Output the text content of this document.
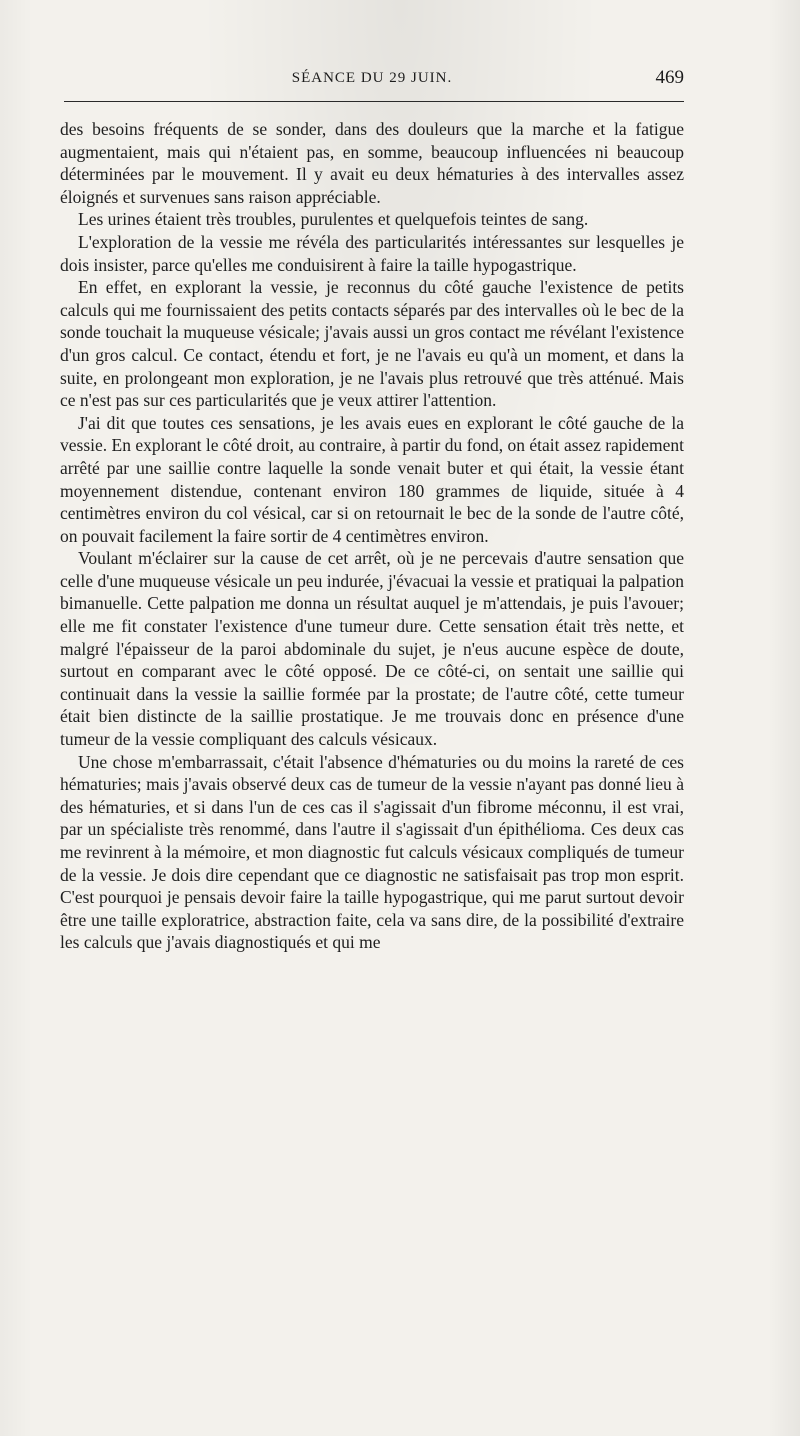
SÉANCE DU 29 JUIN.	469

des besoins fréquents de se sonder, dans des douleurs que la marche et la fatigue augmentaient, mais qui n'étaient pas, en somme, beaucoup influencées ni beaucoup déterminées par le mouvement. Il y avait eu deux hématuries à des intervalles assez éloignés et survenues sans raison appréciable.

Les urines étaient très troubles, purulentes et quelquefois teintes de sang.

L'exploration de la vessie me révéla des particularités intéressantes sur lesquelles je dois insister, parce qu'elles me conduisirent à faire la taille hypogastrique.

En effet, en explorant la vessie, je reconnus du côté gauche l'existence de petits calculs qui me fournissaient des petits contacts séparés par des intervalles où le bec de la sonde touchait la muqueuse vésicale; j'avais aussi un gros contact me révélant l'existence d'un gros calcul. Ce contact, étendu et fort, je ne l'avais eu qu'à un moment, et dans la suite, en prolongeant mon exploration, je ne l'avais plus retrouvé que très atténué. Mais ce n'est pas sur ces particularités que je veux attirer l'attention.

J'ai dit que toutes ces sensations, je les avais eues en explorant le côté gauche de la vessie. En explorant le côté droit, au contraire, à partir du fond, on était assez rapidement arrêté par une saillie contre laquelle la sonde venait buter et qui était, la vessie étant moyennement distendue, contenant environ 180 grammes de liquide, située à 4 centimètres environ du col vésical, car si on retournait le bec de la sonde de l'autre côté, on pouvait facilement la faire sortir de 4 centimètres environ.

Voulant m'éclairer sur la cause de cet arrêt, où je ne percevais d'autre sensation que celle d'une muqueuse vésicale un peu indurée, j'évacuai la vessie et pratiquai la palpation bimanuelle. Cette palpation me donna un résultat auquel je m'attendais, je puis l'avouer; elle me fit constater l'existence d'une tumeur dure. Cette sensation était très nette, et malgré l'épaisseur de la paroi abdominale du sujet, je n'eus aucune espèce de doute, surtout en comparant avec le côté opposé. De ce côté-ci, on sentait une saillie qui continuait dans la vessie la saillie formée par la prostate; de l'autre côté, cette tumeur était bien distincte de la saillie prostatique. Je me trouvais donc en présence d'une tumeur de la vessie compliquant des calculs vésicaux.

Une chose m'embarrassait, c'était l'absence d'hématuries ou du moins la rareté de ces hématuries; mais j'avais observé deux cas de tumeur de la vessie n'ayant pas donné lieu à des hématuries, et si dans l'un de ces cas il s'agissait d'un fibrome méconnu, il est vrai, par un spécialiste très renommé, dans l'autre il s'agissait d'un épithélioma. Ces deux cas me revinrent à la mémoire, et mon diagnostic fut calculs vésicaux compliqués de tumeur de la vessie. Je dois dire cependant que ce diagnostic ne satisfaisait pas trop mon esprit. C'est pourquoi je pensais devoir faire la taille hypogastrique, qui me parut surtout devoir être une taille exploratrice, abstraction faite, cela va sans dire, de la possibilité d'extraire les calculs que j'avais diagnostiqués et qui me
